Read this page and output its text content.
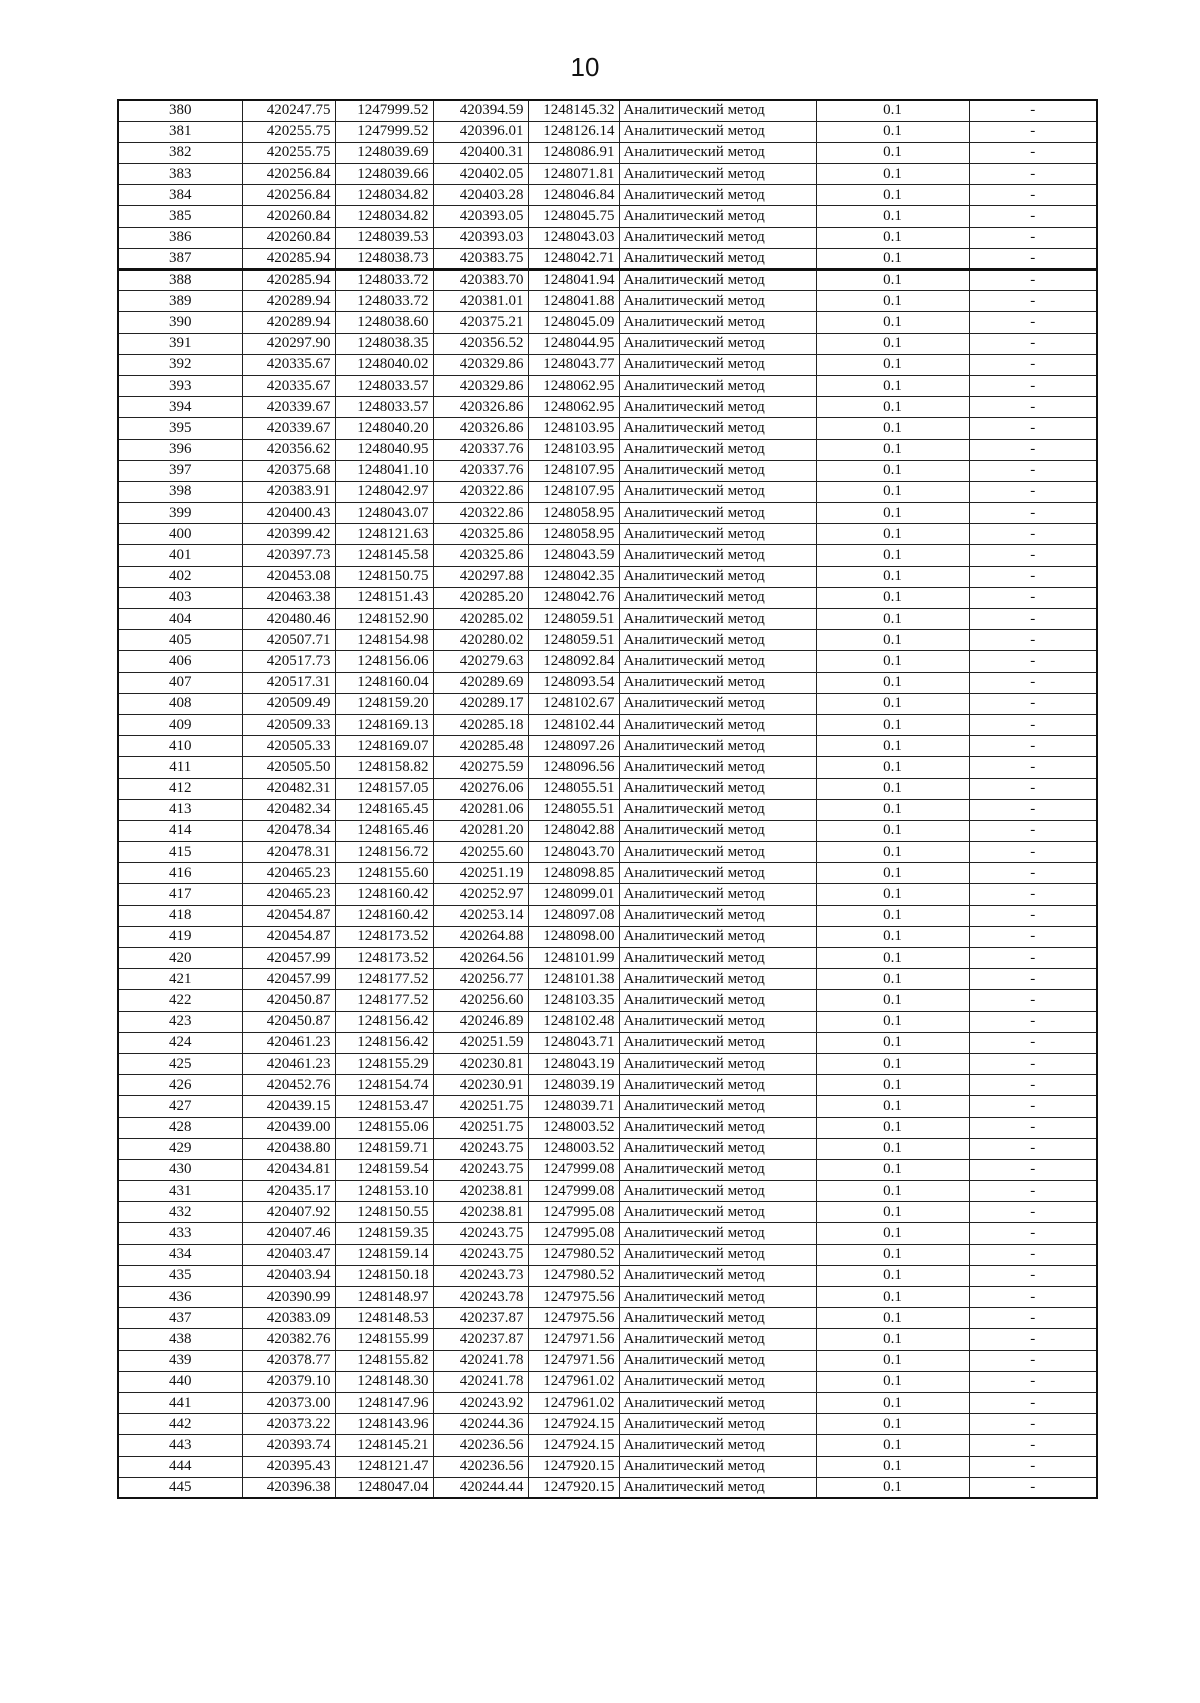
10
380	420247.75	1247999.52	420394.59	1248145.32	Аналитический метод	0.1	-
381	420255.75	1247999.52	420396.01	1248126.14	Аналитический метод	0.1	-
382	420255.75	1248039.69	420400.31	1248086.91	Аналитический метод	0.1	-
383	420256.84	1248039.66	420402.05	1248071.81	Аналитический метод	0.1	-
384	420256.84	1248034.82	420403.28	1248046.84	Аналитический метод	0.1	-
385	420260.84	1248034.82	420393.05	1248045.75	Аналитический метод	0.1	-
386	420260.84	1248039.53	420393.03	1248043.03	Аналитический метод	0.1	-
387	420285.94	1248038.73	420383.75	1248042.71	Аналитический метод	0.1	-
388	420285.94	1248033.72	420383.70	1248041.94	Аналитический метод	0.1	-
389	420289.94	1248033.72	420381.01	1248041.88	Аналитический метод	0.1	-
390	420289.94	1248038.60	420375.21	1248045.09	Аналитический метод	0.1	-
391	420297.90	1248038.35	420356.52	1248044.95	Аналитический метод	0.1	-
392	420335.67	1248040.02	420329.86	1248043.77	Аналитический метод	0.1	-
393	420335.67	1248033.57	420329.86	1248062.95	Аналитический метод	0.1	-
394	420339.67	1248033.57	420326.86	1248062.95	Аналитический метод	0.1	-
395	420339.67	1248040.20	420326.86	1248103.95	Аналитический метод	0.1	-
396	420356.62	1248040.95	420337.76	1248103.95	Аналитический метод	0.1	-
397	420375.68	1248041.10	420337.76	1248107.95	Аналитический метод	0.1	-
398	420383.91	1248042.97	420322.86	1248107.95	Аналитический метод	0.1	-
399	420400.43	1248043.07	420322.86	1248058.95	Аналитический метод	0.1	-
400	420399.42	1248121.63	420325.86	1248058.95	Аналитический метод	0.1	-
401	420397.73	1248145.58	420325.86	1248043.59	Аналитический метод	0.1	-
402	420453.08	1248150.75	420297.88	1248042.35	Аналитический метод	0.1	-
403	420463.38	1248151.43	420285.20	1248042.76	Аналитический метод	0.1	-
404	420480.46	1248152.90	420285.02	1248059.51	Аналитический метод	0.1	-
405	420507.71	1248154.98	420280.02	1248059.51	Аналитический метод	0.1	-
406	420517.73	1248156.06	420279.63	1248092.84	Аналитический метод	0.1	-
407	420517.31	1248160.04	420289.69	1248093.54	Аналитический метод	0.1	-
408	420509.49	1248159.20	420289.17	1248102.67	Аналитический метод	0.1	-
409	420509.33	1248169.13	420285.18	1248102.44	Аналитический метод	0.1	-
410	420505.33	1248169.07	420285.48	1248097.26	Аналитический метод	0.1	-
411	420505.50	1248158.82	420275.59	1248096.56	Аналитический метод	0.1	-
412	420482.31	1248157.05	420276.06	1248055.51	Аналитический метод	0.1	-
413	420482.34	1248165.45	420281.06	1248055.51	Аналитический метод	0.1	-
414	420478.34	1248165.46	420281.20	1248042.88	Аналитический метод	0.1	-
415	420478.31	1248156.72	420255.60	1248043.70	Аналитический метод	0.1	-
416	420465.23	1248155.60	420251.19	1248098.85	Аналитический метод	0.1	-
417	420465.23	1248160.42	420252.97	1248099.01	Аналитический метод	0.1	-
418	420454.87	1248160.42	420253.14	1248097.08	Аналитический метод	0.1	-
419	420454.87	1248173.52	420264.88	1248098.00	Аналитический метод	0.1	-
420	420457.99	1248173.52	420264.56	1248101.99	Аналитический метод	0.1	-
421	420457.99	1248177.52	420256.77	1248101.38	Аналитический метод	0.1	-
422	420450.87	1248177.52	420256.60	1248103.35	Аналитический метод	0.1	-
423	420450.87	1248156.42	420246.89	1248102.48	Аналитический метод	0.1	-
424	420461.23	1248156.42	420251.59	1248043.71	Аналитический метод	0.1	-
425	420461.23	1248155.29	420230.81	1248043.19	Аналитический метод	0.1	-
426	420452.76	1248154.74	420230.91	1248039.19	Аналитический метод	0.1	-
427	420439.15	1248153.47	420251.75	1248039.71	Аналитический метод	0.1	-
428	420439.00	1248155.06	420251.75	1248003.52	Аналитический метод	0.1	-
429	420438.80	1248159.71	420243.75	1248003.52	Аналитический метод	0.1	-
430	420434.81	1248159.54	420243.75	1247999.08	Аналитический метод	0.1	-
431	420435.17	1248153.10	420238.81	1247999.08	Аналитический метод	0.1	-
432	420407.92	1248150.55	420238.81	1247995.08	Аналитический метод	0.1	-
433	420407.46	1248159.35	420243.75	1247995.08	Аналитический метод	0.1	-
434	420403.47	1248159.14	420243.75	1247980.52	Аналитический метод	0.1	-
435	420403.94	1248150.18	420243.73	1247980.52	Аналитический метод	0.1	-
436	420390.99	1248148.97	420243.78	1247975.56	Аналитический метод	0.1	-
437	420383.09	1248148.53	420237.87	1247975.56	Аналитический метод	0.1	-
438	420382.76	1248155.99	420237.87	1247971.56	Аналитический метод	0.1	-
439	420378.77	1248155.82	420241.78	1247971.56	Аналитический метод	0.1	-
440	420379.10	1248148.30	420241.78	1247961.02	Аналитический метод	0.1	-
441	420373.00	1248147.96	420243.92	1247961.02	Аналитический метод	0.1	-
442	420373.22	1248143.96	420244.36	1247924.15	Аналитический метод	0.1	-
443	420393.74	1248145.21	420236.56	1247924.15	Аналитический метод	0.1	-
444	420395.43	1248121.47	420236.56	1247920.15	Аналитический метод	0.1	-
445	420396.38	1248047.04	420244.44	1247920.15	Аналитический метод	0.1	-
